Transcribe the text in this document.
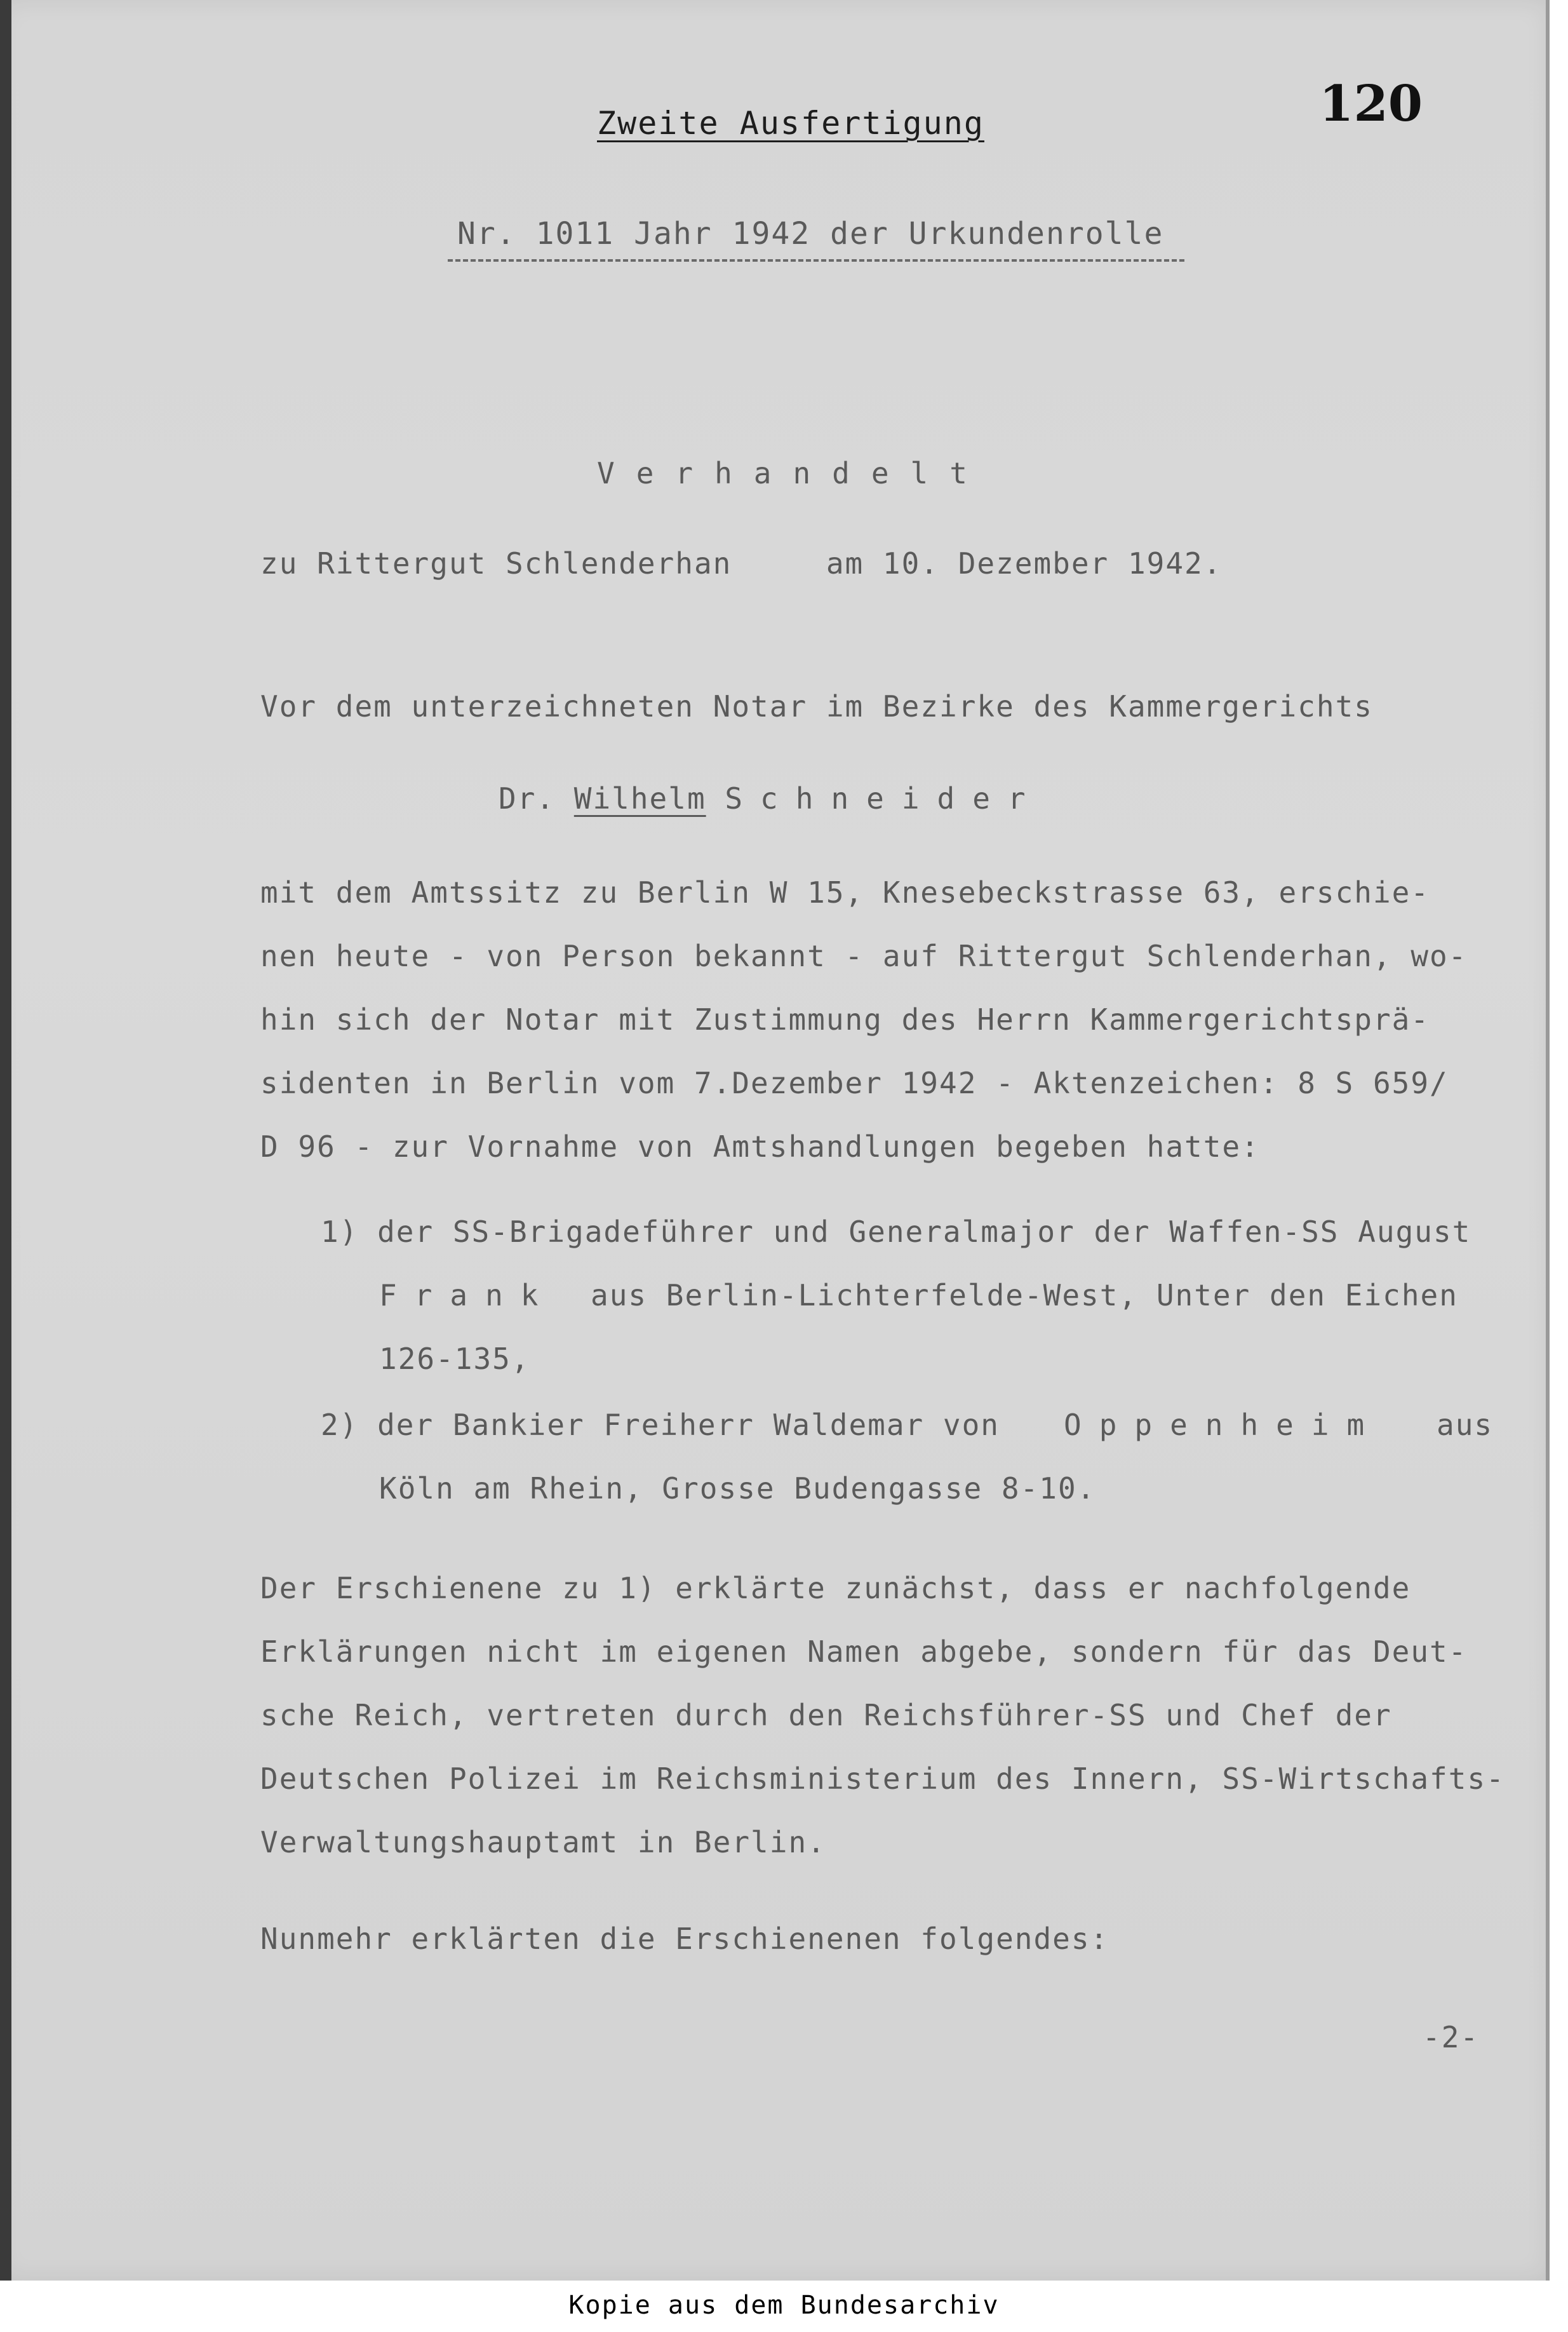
Zweite Ausfertigung	120
Nr. 1011 Jahr 1942 der Urkundenrolle
Verhandelt
zu Rittergut Schlenderhan     am 10. Dezember 1942.
Vor dem unterzeichneten Notar im Bezirke des Kammergerichts
Dr. Wilhelm Schneider
mit dem Amtssitz zu Berlin W 15, Knesebeckstrasse 63, erschie-
nen heute - von Person bekannt - auf Rittergut Schlenderhan, wo-
hin sich der Notar mit Zustimmung des Herrn Kammergerichtsprä-
sidenten in Berlin vom 7.Dezember 1942 - Aktenzeichen: 8 S 659/
D 96 - zur Vornahme von Amtshandlungen begeben hatte:
1) der SS-Brigadeführer und Generalmajor der Waffen-SS August
Frank aus Berlin-Lichterfelde-West, Unter den Eichen
126-135,
2) der Bankier Freiherr Waldemar von Oppenheim aus
Köln am Rhein, Grosse Budengasse 8-10.
Der Erschienene zu 1) erklärte zunächst, dass er nachfolgende
Erklärungen nicht im eigenen Namen abgebe, sondern für das Deut-
sche Reich, vertreten durch den Reichsführer-SS und Chef der
Deutschen Polizei im Reichsministerium des Innern, SS-Wirtschafts-
Verwaltungshauptamt in Berlin.
Nunmehr erklärten die Erschienenen folgendes:
-2-
Kopie aus dem Bundesarchiv
